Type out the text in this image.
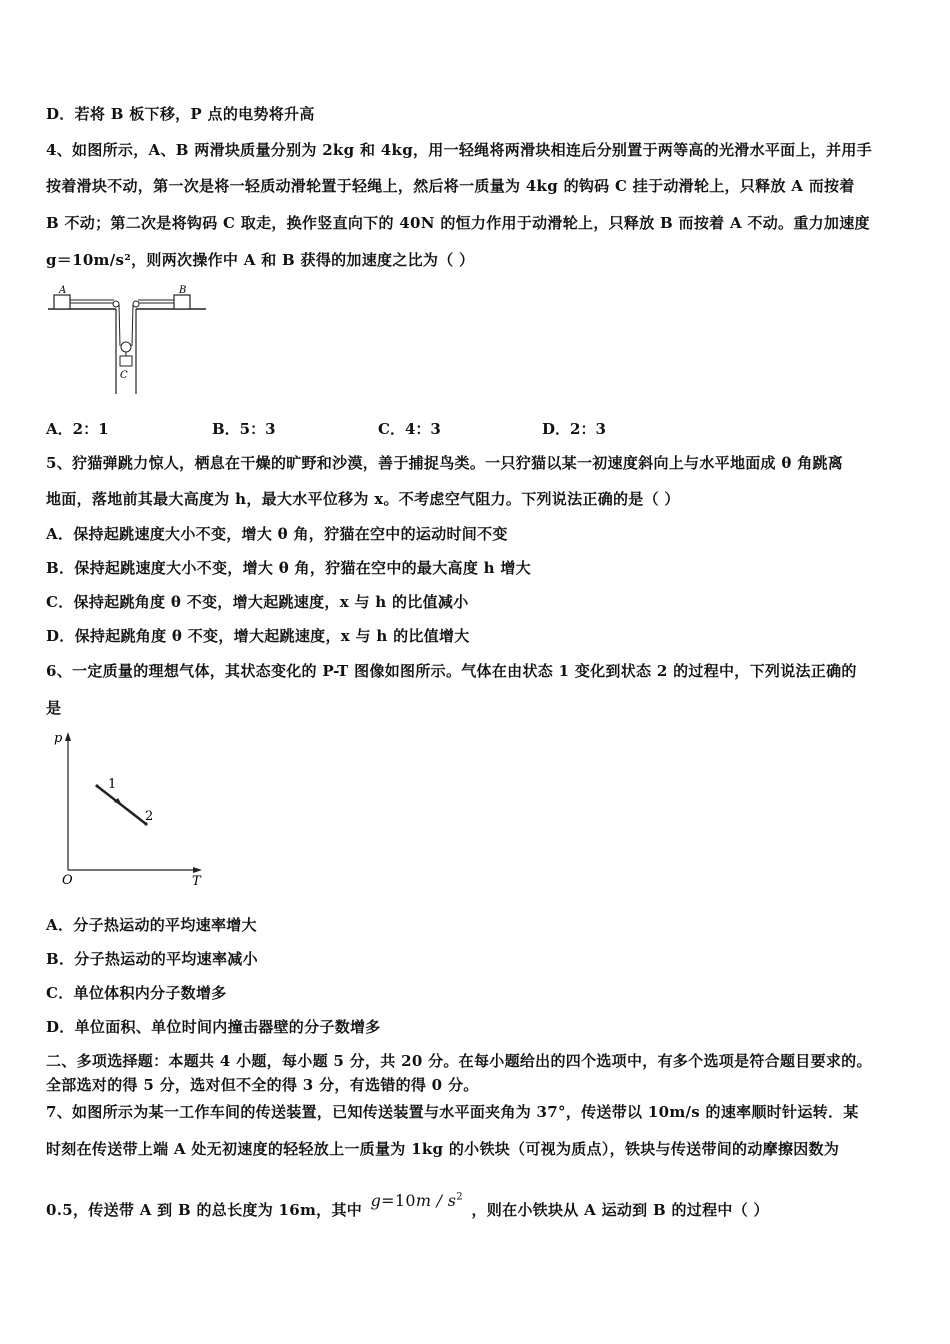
D．若将 B 板下移，P 点的电势将升高
4、如图所示，A、B 两滑块质量分别为 2kg 和 4kg，用一轻绳将两滑块相连后分别置于两等高的光滑水平面上，并用手
按着滑块不动，第一次是将一轻质动滑轮置于轻绳上，然后将一质量为 4kg 的钩码 C 挂于动滑轮上，只释放 A 而按着
B 不动；第二次是将钩码 C 取走，换作竖直向下的 40N 的恒力作用于动滑轮上，只释放 B 而按着 A 不动。重力加速度
g＝10m/s²，则两次操作中 A 和 B 获得的加速度之比为（ ）
A	B
C
A．2：1	B．5：3	C．4：3	D．2：3
5、狞猫弹跳力惊人，栖息在干燥的旷野和沙漠，善于捕捉鸟类。一只狞猫以某一初速度斜向上与水平地面成 θ 角跳离
地面，落地前其最大高度为 h，最大水平位移为 x。不考虑空气阻力。下列说法正确的是（ ）
A．保持起跳速度大小不变，增大 θ 角，狞猫在空中的运动时间不变
B．保持起跳速度大小不变，增大 θ 角，狞猫在空中的最大高度 h 增大
C．保持起跳角度 θ 不变，增大起跳速度，x 与 h 的比值减小
D．保持起跳角度 θ 不变，增大起跳速度，x 与 h 的比值增大
6、一定质量的理想气体，其状态变化的 P-T 图像如图所示。气体在由状态 1 变化到状态 2 的过程中，下列说法正确的
是
p
T
O
1
2
A．分子热运动的平均速率增大
B．分子热运动的平均速率减小
C．单位体积内分子数增多
D．单位面积、单位时间内撞击器壁的分子数增多
二、多项选择题：本题共 4 小题，每小题 5 分，共 20 分。在每小题给出的四个选项中，有多个选项是符合题目要求的。
全部选对的得 5 分，选对但不全的得 3 分，有选错的得 0 分。
7、如图所示为某一工作车间的传送装置，已知传送装置与水平面夹角为 37°，传送带以 10m/s 的速率顺时针运转．某
时刻在传送带上端 A 处无初速度的轻轻放上一质量为 1kg 的小铁块（可视为质点），铁块与传送带间的动摩擦因数为
0.5，传送带 A 到 B 的总长度为 16m，其中 $g=10m / s^2$ ，则在小铁块从 A 运动到 B 的过程中（ ）
